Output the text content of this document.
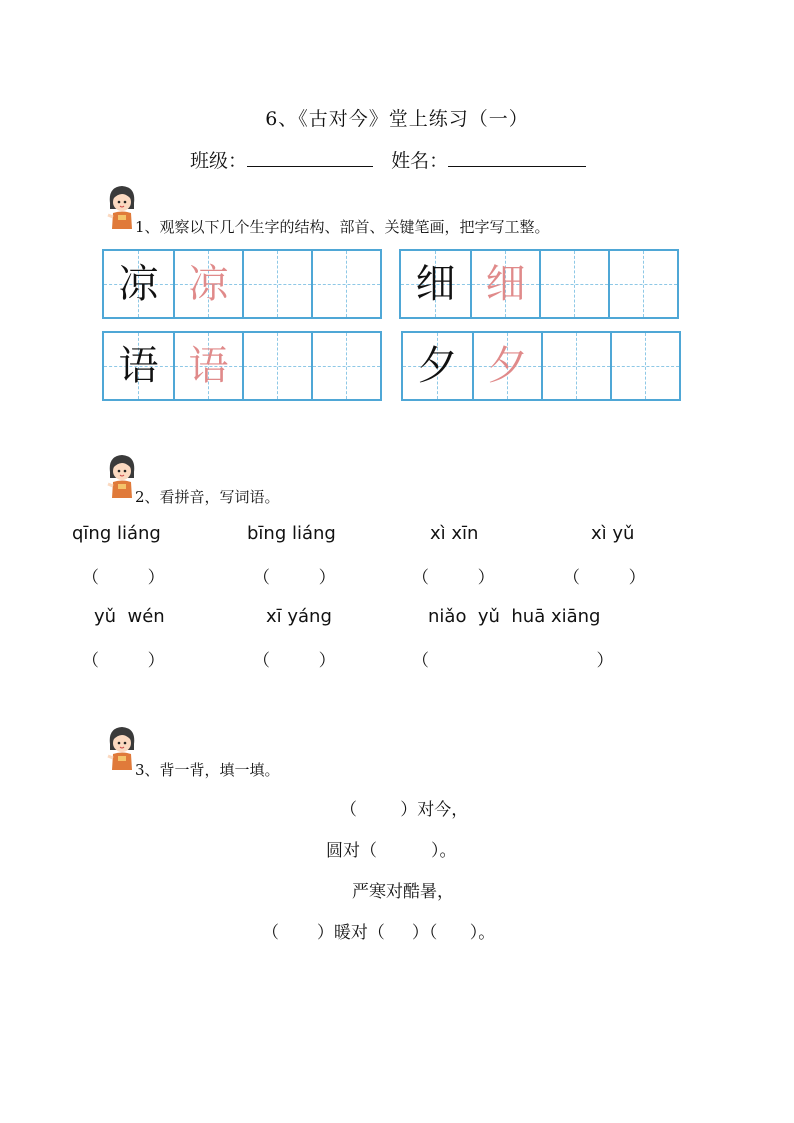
6、《古对今》堂上练习（一）
班级：	姓名：
1、观察以下几个生字的结构、部首、关键笔画，把字写工整。
凉 凉	细 细
语 语	夕 夕
2、看拼音，写词语。
qīng liáng	bīng liáng	xì xīn	xì yǔ
（         ）	（         ）	（         ）	（         ）
yǔ  wén	xī yáng	niǎo  yǔ  huā xiāng
（         ）	（         ）	（                               ）
3、背一背，填一填。
（        ）对今，
圆对（          ）。
严寒对酷暑，
（       ）暖对（     ）（      ）。
